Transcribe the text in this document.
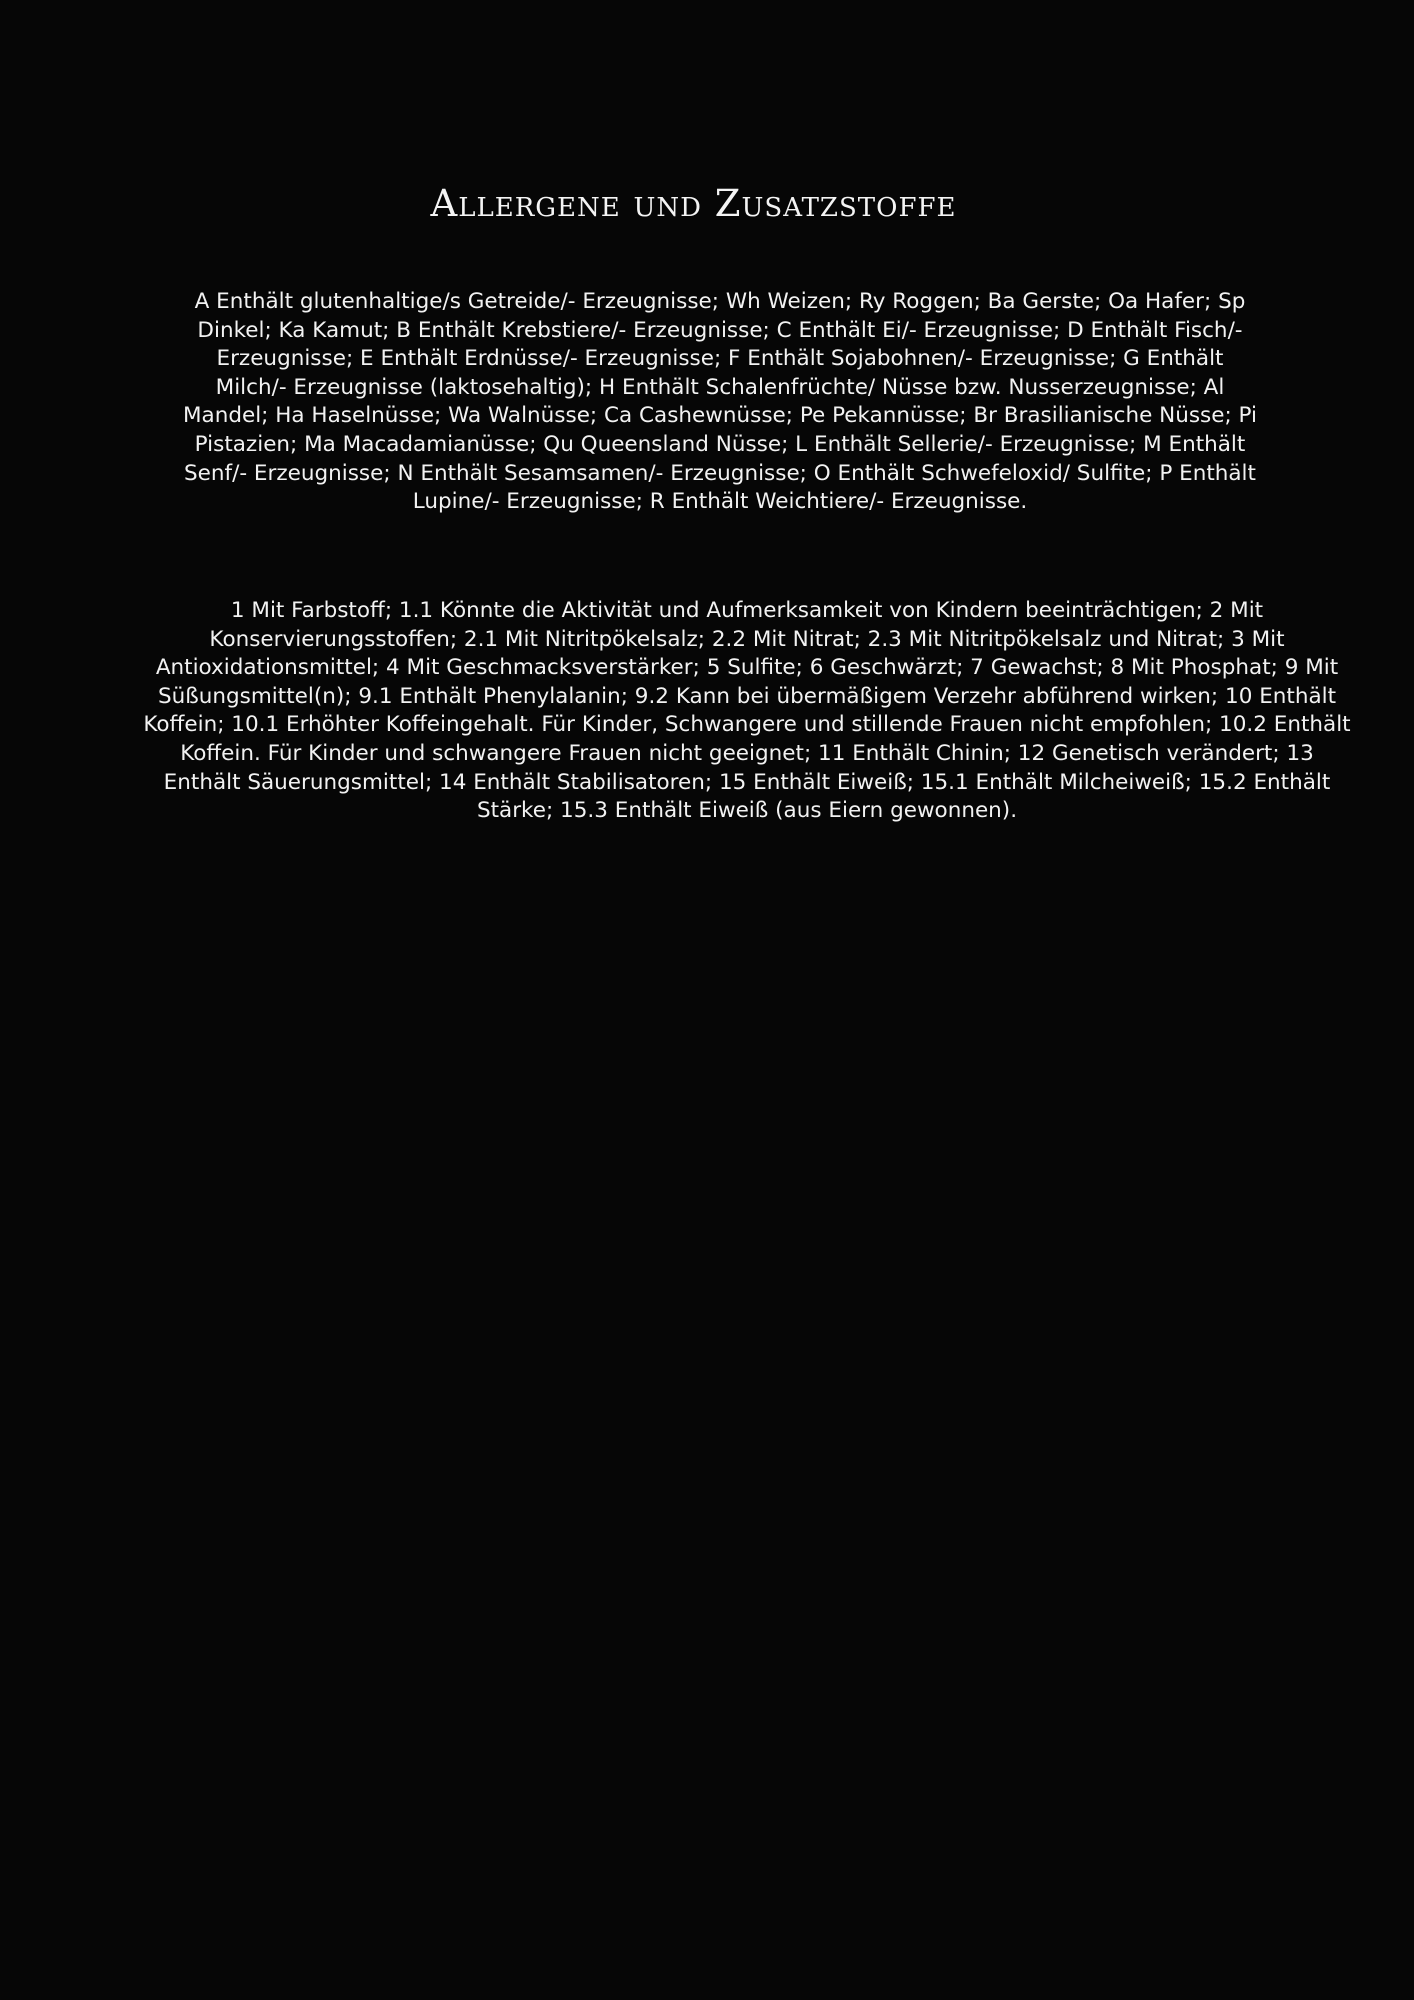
Allergene und Zusatzstoffe

A Enthält glutenhaltige/s Getreide/- Erzeugnisse; Wh Weizen; Ry Roggen; Ba Gerste; Oa Hafer; Sp Dinkel; Ka Kamut; B Enthält Krebstiere/- Erzeugnisse; C Enthält Ei/- Erzeugnisse; D Enthält Fisch/- Erzeugnisse; E Enthält Erdnüsse/- Erzeugnisse; F Enthält Sojabohnen/- Erzeugnisse; G Enthält Milch/- Erzeugnisse (laktosehaltig); H Enthält Schalenfrüchte/ Nüsse bzw. Nusserzeugnisse; Al Mandel; Ha Haselnüsse; Wa Walnüsse; Ca Cashewnüsse; Pe Pekannüsse; Br Brasilianische Nüsse; Pi Pistazien; Ma Macadamianüsse; Qu Queensland Nüsse; L Enthält Sellerie/- Erzeugnisse; M Enthält Senf/- Erzeugnisse; N Enthält Sesamsamen/- Erzeugnisse; O Enthält Schwefeloxid/ Sulfite; P Enthält Lupine/- Erzeugnisse; R Enthält Weichtiere/- Erzeugnisse.

1 Mit Farbstoff; 1.1 Könnte die Aktivität und Aufmerksamkeit von Kindern beeinträchtigen; 2 Mit Konservierungsstoffen; 2.1 Mit Nitritpökelsalz; 2.2 Mit Nitrat; 2.3 Mit Nitritpökelsalz und Nitrat; 3 Mit Antioxidationsmittel; 4 Mit Geschmacksverstärker; 5 Sulfite; 6 Geschwärzt; 7 Gewachst; 8 Mit Phosphat; 9 Mit Süßungsmittel(n); 9.1 Enthält Phenylalanin; 9.2 Kann bei übermäßigem Verzehr abführend wirken; 10 Enthält Koffein; 10.1 Erhöhter Koffeingehalt. Für Kinder, Schwangere und stillende Frauen nicht empfohlen; 10.2 Enthält Koffein. Für Kinder und schwangere Frauen nicht geeignet; 11 Enthält Chinin; 12 Genetisch verändert; 13 Enthält Säuerungsmittel; 14 Enthält Stabilisatoren; 15 Enthält Eiweiß; 15.1 Enthält Milcheiweiß; 15.2 Enthält Stärke; 15.3 Enthält Eiweiß (aus Eiern gewonnen).
